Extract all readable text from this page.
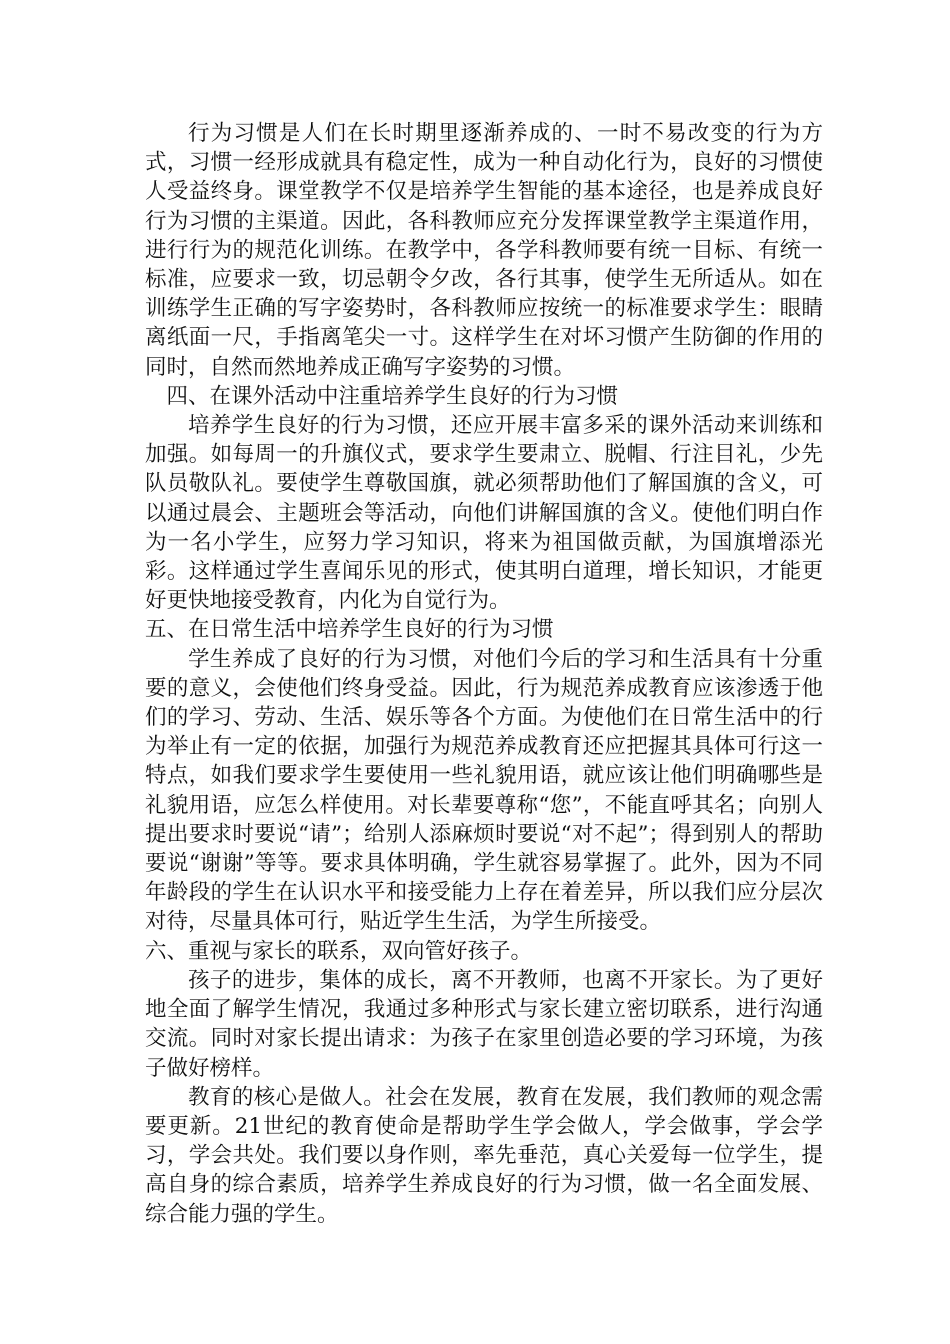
行为习惯是人们在长时期里逐渐养成的、一时不易改变的行为方式，习惯一经形成就具有稳定性，成为一种自动化行为，良好的习惯使人受益终身。课堂教学不仅是培养学生智能的基本途径，也是养成良好行为习惯的主渠道。因此，各科教师应充分发挥课堂教学主渠道作用，进行行为的规范化训练。在教学中，各学科教师要有统一目标、有统一标准，应要求一致，切忌朝令夕改，各行其事，使学生无所适从。如在训练学生正确的写字姿势时，各科教师应按统一的标准要求学生：眼睛离纸面一尺，手指离笔尖一寸。这样学生在对坏习惯产生防御的作用的同时，自然而然地养成正确写字姿势的习惯。

四、在课外活动中注重培养学生良好的行为习惯

培养学生良好的行为习惯，还应开展丰富多采的课外活动来训练和加强。如每周一的升旗仪式，要求学生要肃立、脱帽、行注目礼，少先队员敬队礼。要使学生尊敬国旗，就必须帮助他们了解国旗的含义，可以通过晨会、主题班会等活动，向他们讲解国旗的含义。使他们明白作为一名小学生，应努力学习知识，将来为祖国做贡献，为国旗增添光彩。这样通过学生喜闻乐见的形式，使其明白道理，增长知识，才能更好更快地接受教育，内化为自觉行为。

五、在日常生活中培养学生良好的行为习惯

学生养成了良好的行为习惯，对他们今后的学习和生活具有十分重要的意义，会使他们终身受益。因此，行为规范养成教育应该渗透于他们的学习、劳动、生活、娱乐等各个方面。为使他们在日常生活中的行为举止有一定的依据，加强行为规范养成教育还应把握其具体可行这一特点，如我们要求学生要使用一些礼貌用语，就应该让他们明确哪些是礼貌用语，应怎么样使用。对长辈要尊称“您”，不能直呼其名；向别人提出要求时要说“请”；给别人添麻烦时要说“对不起”；得到别人的帮助要说“谢谢”等等。要求具体明确，学生就容易掌握了。此外，因为不同年龄段的学生在认识水平和接受能力上存在着差异，所以我们应分层次对待，尽量具体可行，贴近学生生活，为学生所接受。

六、重视与家长的联系，双向管好孩子。

孩子的进步，集体的成长，离不开教师，也离不开家长。为了更好地全面了解学生情况，我通过多种形式与家长建立密切联系，进行沟通交流。同时对家长提出请求：为孩子在家里创造必要的学习环境，为孩子做好榜样。

教育的核心是做人。社会在发展，教育在发展，我们教师的观念需要更新。21世纪的教育使命是帮助学生学会做人，学会做事，学会学习，学会共处。我们要以身作则，率先垂范，真心关爱每一位学生，提高自身的综合素质，培养学生养成良好的行为习惯，做一名全面发展、综合能力强的学生。
